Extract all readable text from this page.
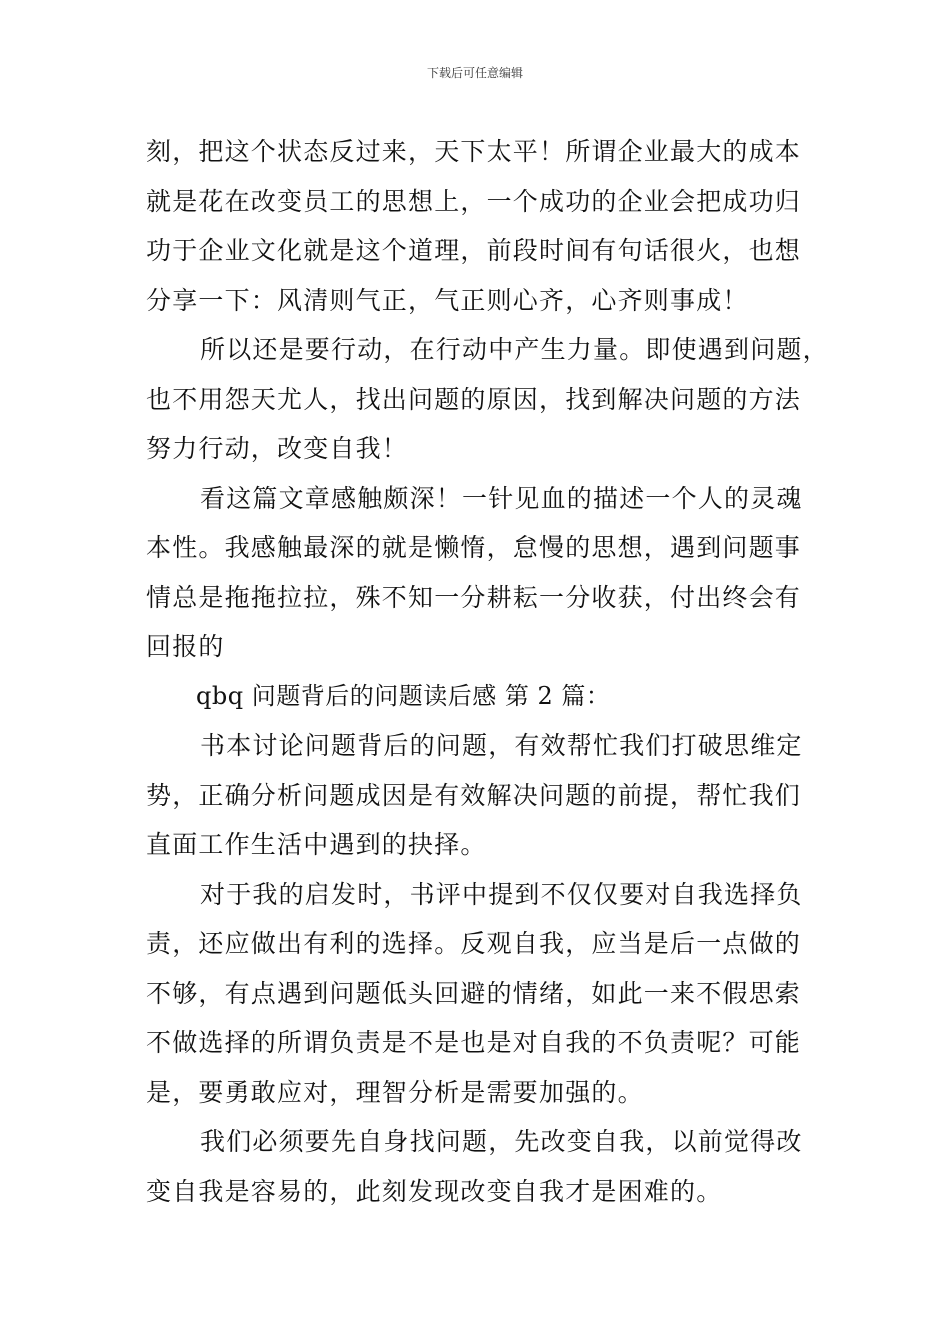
下载后可任意编辑

刻，把这个状态反过来，天下太平！所谓企业最大的成本
就是花在改变员工的思想上，一个成功的企业会把成功归
功于企业文化就是这个道理，前段时间有句话很火，也想
分享一下：风清则气正，气正则心齐，心齐则事成！

所以还是要行动，在行动中产生力量。即使遇到问题，
也不用怨天尤人，找出问题的原因，找到解决问题的方法
努力行动，改变自我！

看这篇文章感触颇深！一针见血的描述一个人的灵魂
本性。我感触最深的就是懒惰，怠慢的思想，遇到问题事
情总是拖拖拉拉，殊不知一分耕耘一分收获，付出终会有
回报的

qbq 问题背后的问题读后感 第 2 篇：

书本讨论问题背后的问题，有效帮忙我们打破思维定
势，正确分析问题成因是有效解决问题的前提，帮忙我们
直面工作生活中遇到的抉择。

对于我的启发时，书评中提到不仅仅要对自我选择负
责，还应做出有利的选择。反观自我，应当是后一点做的
不够，有点遇到问题低头回避的情绪，如此一来不假思索
不做选择的所谓负责是不是也是对自我的不负责呢？可能
是，要勇敢应对，理智分析是需要加强的。

我们必须要先自身找问题，先改变自我，以前觉得改
变自我是容易的，此刻发现改变自我才是困难的。
